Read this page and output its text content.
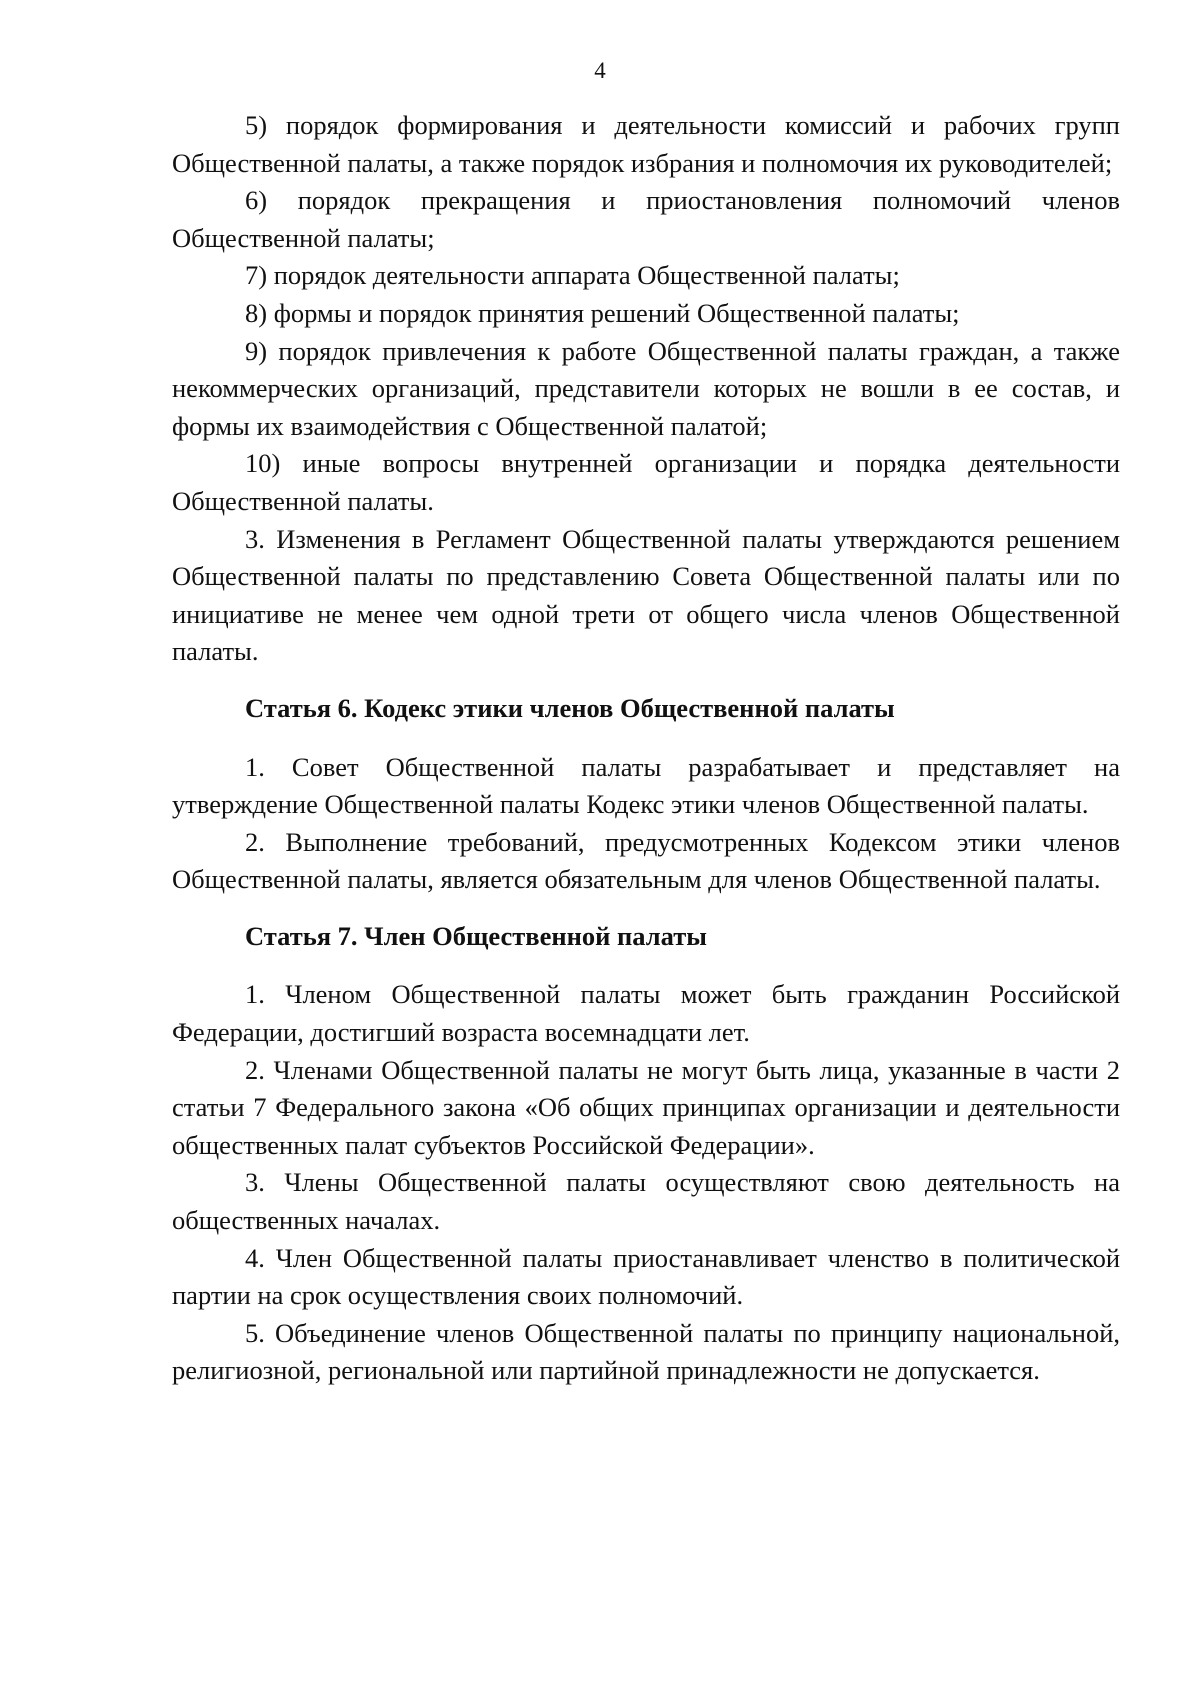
4

5) порядок формирования и деятельности комиссий и рабочих групп Общественной палаты, а также порядок избрания и полномочия их руководителей;

6) порядок прекращения и приостановления полномочий членов Общественной палаты;

7) порядок деятельности аппарата Общественной палаты;

8) формы и порядок принятия решений Общественной палаты;

9) порядок привлечения к работе Общественной палаты граждан, а также некоммерческих организаций, представители которых не вошли в ее состав, и формы их взаимодействия с Общественной палатой;

10) иные вопросы внутренней организации и порядка деятельности Общественной палаты.

3. Изменения в Регламент Общественной палаты утверждаются решением Общественной палаты по представлению Совета Общественной палаты или по инициативе не менее чем одной трети от общего числа членов Общественной палаты.

Статья 6. Кодекс этики членов Общественной палаты

1. Совет Общественной палаты разрабатывает и представляет на утверждение Общественной палаты Кодекс этики членов Общественной палаты.

2. Выполнение требований, предусмотренных Кодексом этики членов Общественной палаты, является обязательным для членов Общественной палаты.

Статья 7. Член Общественной палаты

1. Членом Общественной палаты может быть гражданин Российской Федерации, достигший возраста восемнадцати лет.

2. Членами Общественной палаты не могут быть лица, указанные в части 2 статьи 7 Федерального закона «Об общих принципах организации и деятельности общественных палат субъектов Российской Федерации».

3. Члены Общественной палаты осуществляют свою деятельность на общественных началах.

4. Член Общественной палаты приостанавливает членство в политической партии на срок осуществления своих полномочий.

5. Объединение членов Общественной палаты по принципу национальной, религиозной, региональной или партийной принадлежности не допускается.
